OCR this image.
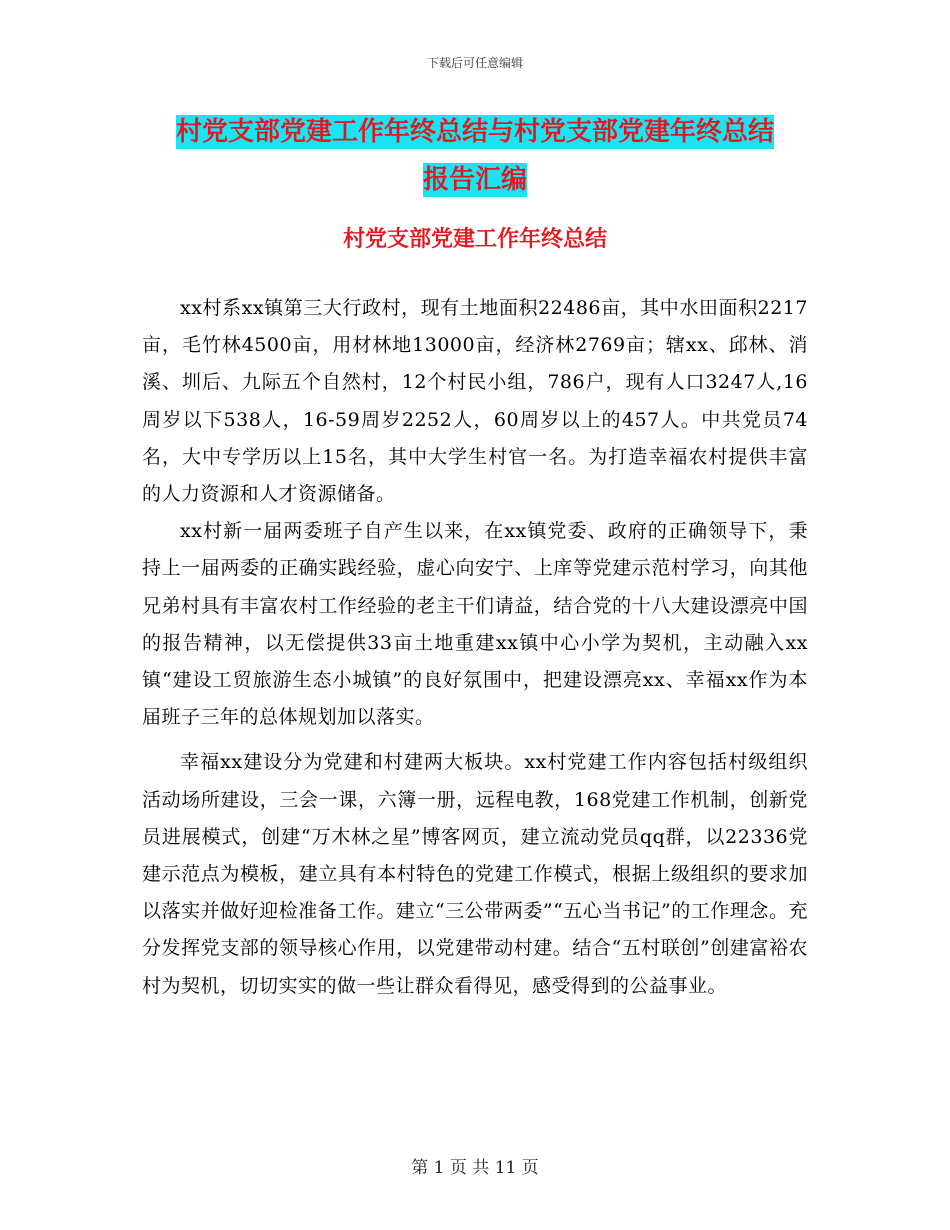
下载后可任意编辑
村党支部党建工作年终总结与村党支部党建年终总结
报告汇编
村党支部党建工作年终总结

xx村系xx镇第三大行政村，现有土地面积22486亩，其中水田面积2217亩，毛竹林4500亩，用材林地13000亩，经济林2769亩；辖xx、邱林、消溪、圳后、九际五个自然村，12个村民小组，786户，现有人口3247人,16周岁以下538人，16-59周岁2252人，60周岁以上的457人。中共党员74名，大中专学历以上15名，其中大学生村官一名。为打造幸福农村提供丰富的人力资源和人才资源储备。

xx村新一届两委班子自产生以来，在xx镇党委、政府的正确领导下，秉持上一届两委的正确实践经验，虚心向安宁、上庠等党建示范村学习，向其他兄弟村具有丰富农村工作经验的老主干们请益，结合党的十八大建设漂亮中国的报告精神，以无偿提供33亩土地重建xx镇中心小学为契机，主动融入xx镇“建设工贸旅游生态小城镇”的良好氛围中，把建设漂亮xx、幸福xx作为本届班子三年的总体规划加以落实。

幸福xx建设分为党建和村建两大板块。xx村党建工作内容包括村级组织活动场所建设，三会一课，六簿一册，远程电教，168党建工作机制，创新党员进展模式，创建“万木林之星”博客网页，建立流动党员qq群，以22336党建示范点为模板，建立具有本村特色的党建工作模式，根据上级组织的要求加以落实并做好迎检准备工作。建立“三公带两委”“五心当书记”的工作理念。充分发挥党支部的领导核心作用，以党建带动村建。结合“五村联创”创建富裕农村为契机，切切实实的做一些让群众看得见，感受得到的公益事业。

第 1 页 共 11 页
